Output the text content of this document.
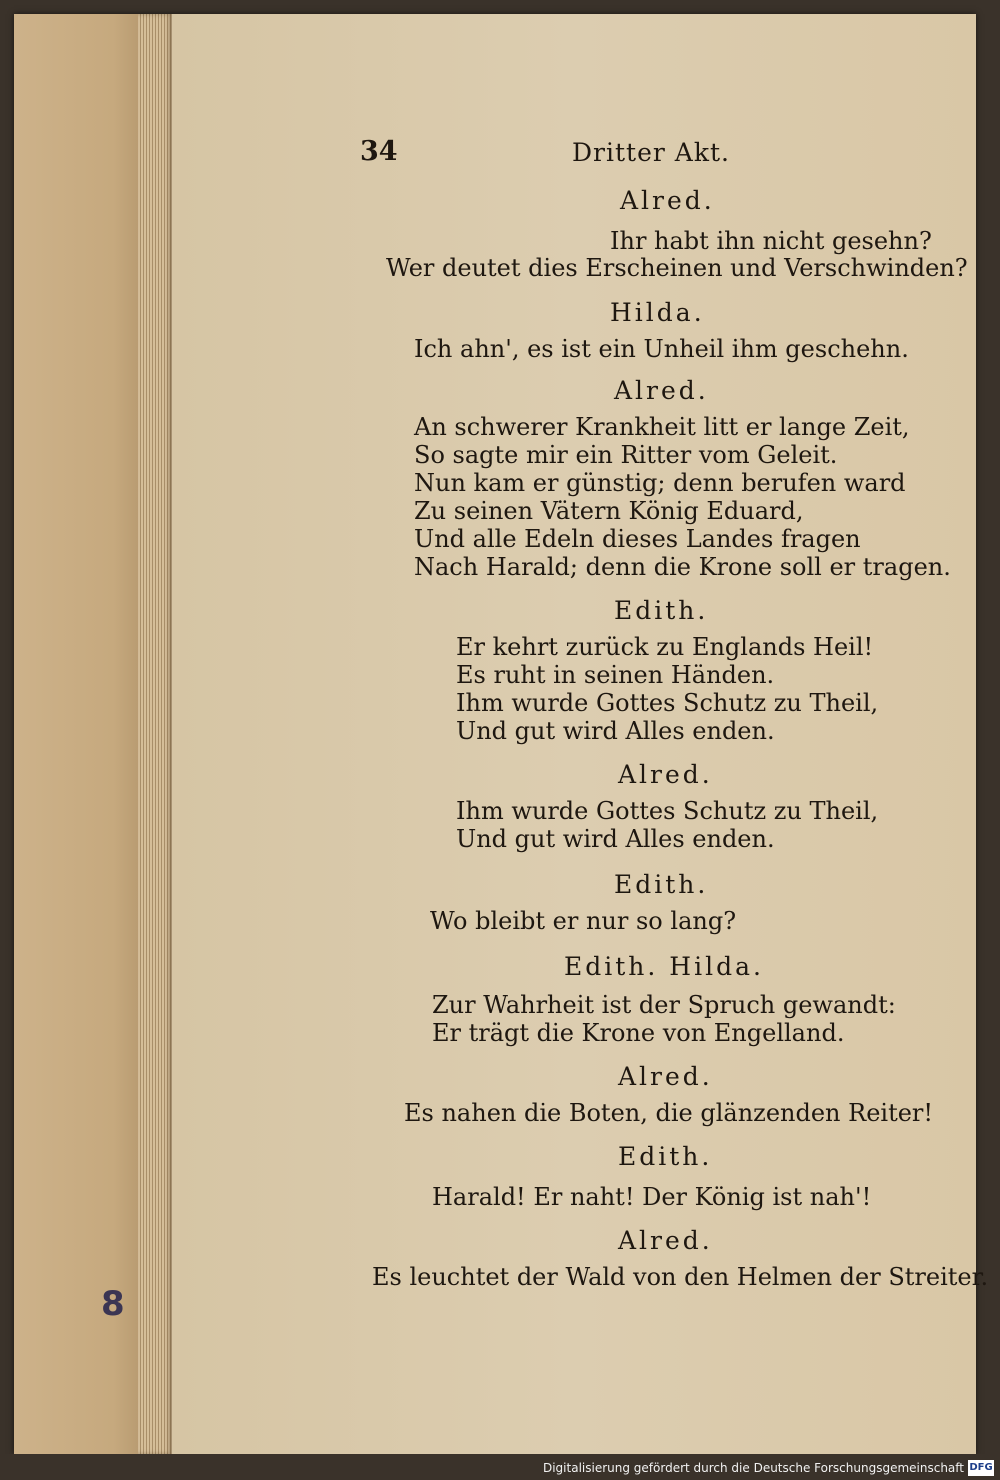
34	Dritter Akt.
Alred.
Ihr habt ihn nicht gesehn?
Wer deutet dies Erscheinen und Verschwinden?
Hilda.
Ich ahn', es ist ein Unheil ihm geschehn.
Alred.
An schwerer Krankheit litt er lange Zeit,
So sagte mir ein Ritter vom Geleit.
Nun kam er günstig; denn berufen ward
Zu seinen Vätern König Eduard,
Und alle Edeln dieses Landes fragen
Nach Harald; denn die Krone soll er tragen.
Edith.
Er kehrt zurück zu Englands Heil!
Es ruht in seinen Händen.
Ihm wurde Gottes Schutz zu Theil,
Und gut wird Alles enden.
Alred.
Ihm wurde Gottes Schutz zu Theil,
Und gut wird Alles enden.
Edith.
Wo bleibt er nur so lang?
Edith. Hilda.
Zur Wahrheit ist der Spruch gewandt:
Er trägt die Krone von Engelland.
Alred.
Es nahen die Boten, die glänzenden Reiter!
Edith.
Harald! Er naht! Der König ist nah'!
Alred.
Es leuchtet der Wald von den Helmen der Streiter.
8
Digitalisierung gefördert durch die Deutsche Forschungsgemeinschaft DFG
